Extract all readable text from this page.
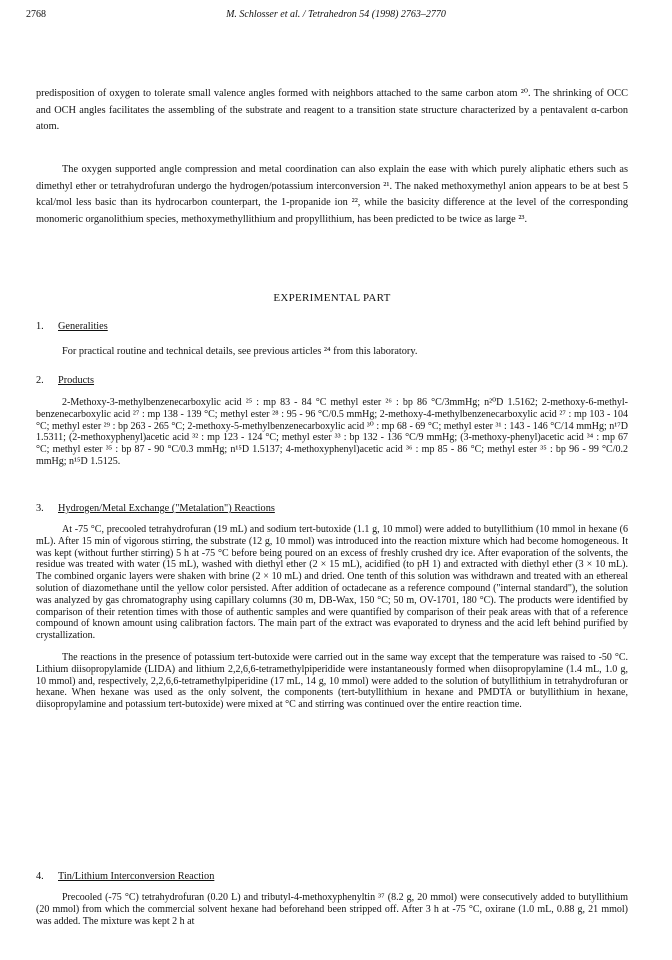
2768	M. Schlosser et al. / Tetrahedron 54 (1998) 2763–2770

predisposition of oxygen to tolerate small valence angles formed with neighbors attached to the same carbon atom ²⁰. The shrinking of OCC and OCH angles facilitates the assembling of the substrate and reagent to a transition state structure characterized by a pentavalent α-carbon atom.

The oxygen supported angle compression and metal coordination can also explain the ease with which purely aliphatic ethers such as dimethyl ether or tetrahydrofuran undergo the hydrogen/potassium interconversion ²¹. The naked methoxymethyl anion appears to be at best 5 kcal/mol less basic than its hydrocarbon counterpart, the 1-propanide ion ²², while the basicity difference at the level of the corresponding monomeric organolithium species, methoxymethyllithium and propyllithium, has been predicted to be twice as large ²³.

EXPERIMENTAL PART
1. Generalities

For practical routine and technical details, see previous articles ²⁴ from this laboratory.

2. Products

2-Methoxy-3-methylbenzenecarboxylic acid ²⁵ : mp 83 - 84 °C methyl ester ²⁶ : bp 86 °C/3mmHg; n²⁰D 1.5162; 2-methoxy-6-methyl-benzenecarboxylic acid ²⁷ : mp 138 - 139 °C; methyl ester ²⁸ : 95 - 96 °C/0.5 mmHg; 2-methoxy-4-methylbenzenecarboxylic acid ²⁷ : mp 103 - 104 °C; methyl ester ²⁹ : bp 263 - 265 °C; 2-methoxy-5-methylbenzenecarboxylic acid ³⁰ : mp 68 - 69 °C; methyl ester ³¹ : 143 - 146 °C/14 mmHg; n¹⁷D 1.5311; (2-methoxyphenyl)acetic acid ³² : mp 123 - 124 °C; methyl ester ³³ : bp 132 - 136 °C/9 mmHg; (3-methoxy-phenyl)acetic acid ³⁴ : mp 67 °C; methyl ester ³⁵ : bp 87 - 90 °C/0.3 mmHg; n¹⁵D 1.5137; 4-methoxyphenyl)acetic acid ³⁶ : mp 85 - 86 °C; methyl ester ³⁵ : bp 96 - 99 °C/0.2 mmHg; n¹⁵D 1.5125.

3. Hydrogen/Metal Exchange ("Metalation") Reactions

At -75 °C, precooled tetrahydrofuran (19 mL) and sodium tert-butoxide (1.1 g, 10 mmol) were added to butyllithium (10 mmol in hexane (6 mL). After 15 min of vigorous stirring, the substrate (12 g, 10 mmol) was introduced into the reaction mixture which had become homogeneous. It was kept (without further stirring) 5 h at -75 °C before being poured on an excess of freshly crushed dry ice. After evaporation of the solvents, the residue was treated with water (15 mL), washed with diethyl ether (2 × 15 mL), acidified (to pH 1) and extracted with diethyl ether (3 × 10 mL). The combined organic layers were shaken with brine (2 × 10 mL) and dried. One tenth of this solution was withdrawn and treated with an ethereal solution of diazomethane until the yellow color persisted. After addition of octadecane as a reference compound ("internal standard"), the solution was analyzed by gas chromatography using capillary columns (30 m, DB-Wax, 150 °C; 50 m, OV-1701, 180 °C). The products were identified by comparison of their retention times with those of authentic samples and were quantified by comparison of their peak areas with that of a reference compound of known amount using calibration factors. The main part of the extract was evaporated to dryness and the acid left behind purified by crystallization.

The reactions in the presence of potassium tert-butoxide were carried out in the same way except that the temperature was raised to -50 °C. Lithium diisopropylamide (LIDA) and lithium 2,2,6,6-tetramethylpiperidide were instantaneously formed when diisopropylamine (1.4 mL, 1.0 g, 10 mmol) and, respectively, 2,2,6,6-tetramethylpiperidine (17 mL, 14 g, 10 mmol) were added to the solution of butyllithium in tetrahydrofuran or hexane. When hexane was used as the only solvent, the components (tert-butyllithium in hexane and PMDTA or butyllithium in hexane, diisopropylamine and potassium tert-butoxide) were mixed at °C and stirring was continued over the entire reaction time.

4. Tin/Lithium Interconversion Reaction

Precooled (-75 °C) tetrahydrofuran (0.20 L) and tributyl-4-methoxyphenyltin ³⁷ (8.2 g, 20 mmol) were consecutively added to butyllithium (20 mmol) from which the commercial solvent hexane had beforehand been stripped off. After 3 h at -75 °C, oxirane (1.0 mL, 0.88 g, 21 mmol) was added. The mixture was kept 2 h at
